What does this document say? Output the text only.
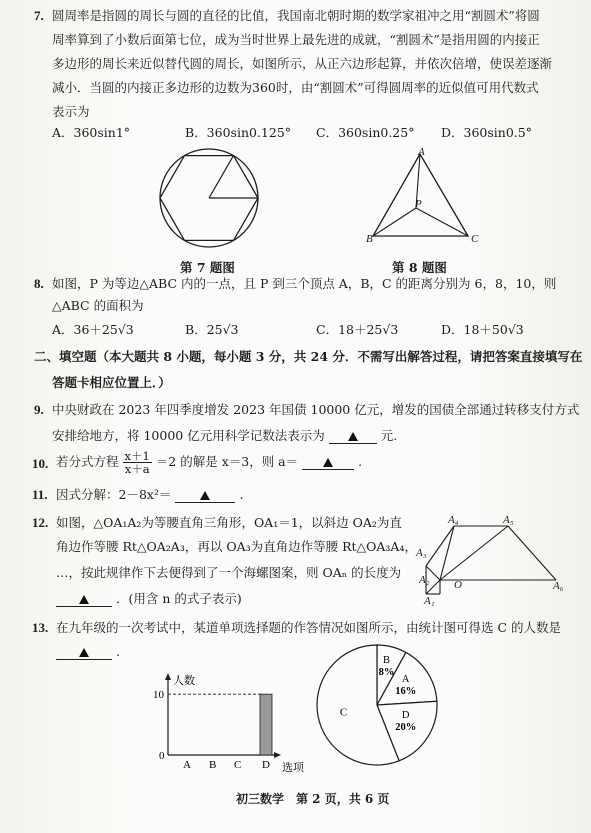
7. 圆周率是指圆的周长与圆的直径的比值，我国南北朝时期的数学家祖冲之用“割圆术”将圆
周率算到了小数后面第七位，成为当时世界上最先进的成就，“割圆术”是指用圆的内接正
多边形的周长来近似替代圆的周长，如图所示，从正六边形起算，并依次倍增，使误差逐渐
减小．当圆的内接正多边形的边数为360时，由“割圆术”可得圆周率的近似值可用代数式
表示为
A．360sin1°	B．360sin0.125° C．360sin0.25° D．360sin0.5°
第 7 题图
A
B	C
P
第 8 题图
8. 如图，P 为等边△ABC 内的一点，且 P 到三个顶点 A，B，C 的距离分别为 6，8，10，则
△ABC 的面积为
A．36＋25√3	B．25√3	C．18＋25√3	D．18＋50√3
二、填空题（本大题共 8 小题，每小题 3 分，共 24 分．不需写出解答过程，请把答案直接填写在
答题卡相应位置上．）
9. 中央财政在 2023 年四季度增发 2023 年国债 10000 亿元，增发的国债全部通过转移支付方式
安排给地方，将 10000 亿元用科学记数法表示为	元.
10. 若分式方程 $\frac{x+1}{x+a} =2$ 的解是 x＝3，则 a＝	.
11. 因式分解：2－8x²＝	.
12. 如图，△OA₁A₂为等腰直角三角形，OA₁＝1，以斜边 OA₂为直
角边作等腰 Rt△OA₂A₃，再以 OA₃为直角边作等腰 Rt△OA₃A₄，
…，按此规律作下去便得到了一个海螺图案，则 OAₙ 的长度为
．(用含 n 的式子表示)	A₁
A₂
A₃
A₄	A₅
A₆
O
13. 在九年级的一次考试中，某道单项选择题的作答情况如图所示，由统计图可得选 C 的人数是
.
人数
选项
0
10
A B C D
B
8%
A
16%
D
20%
C
初三数学　第 2 页，共 6 页
